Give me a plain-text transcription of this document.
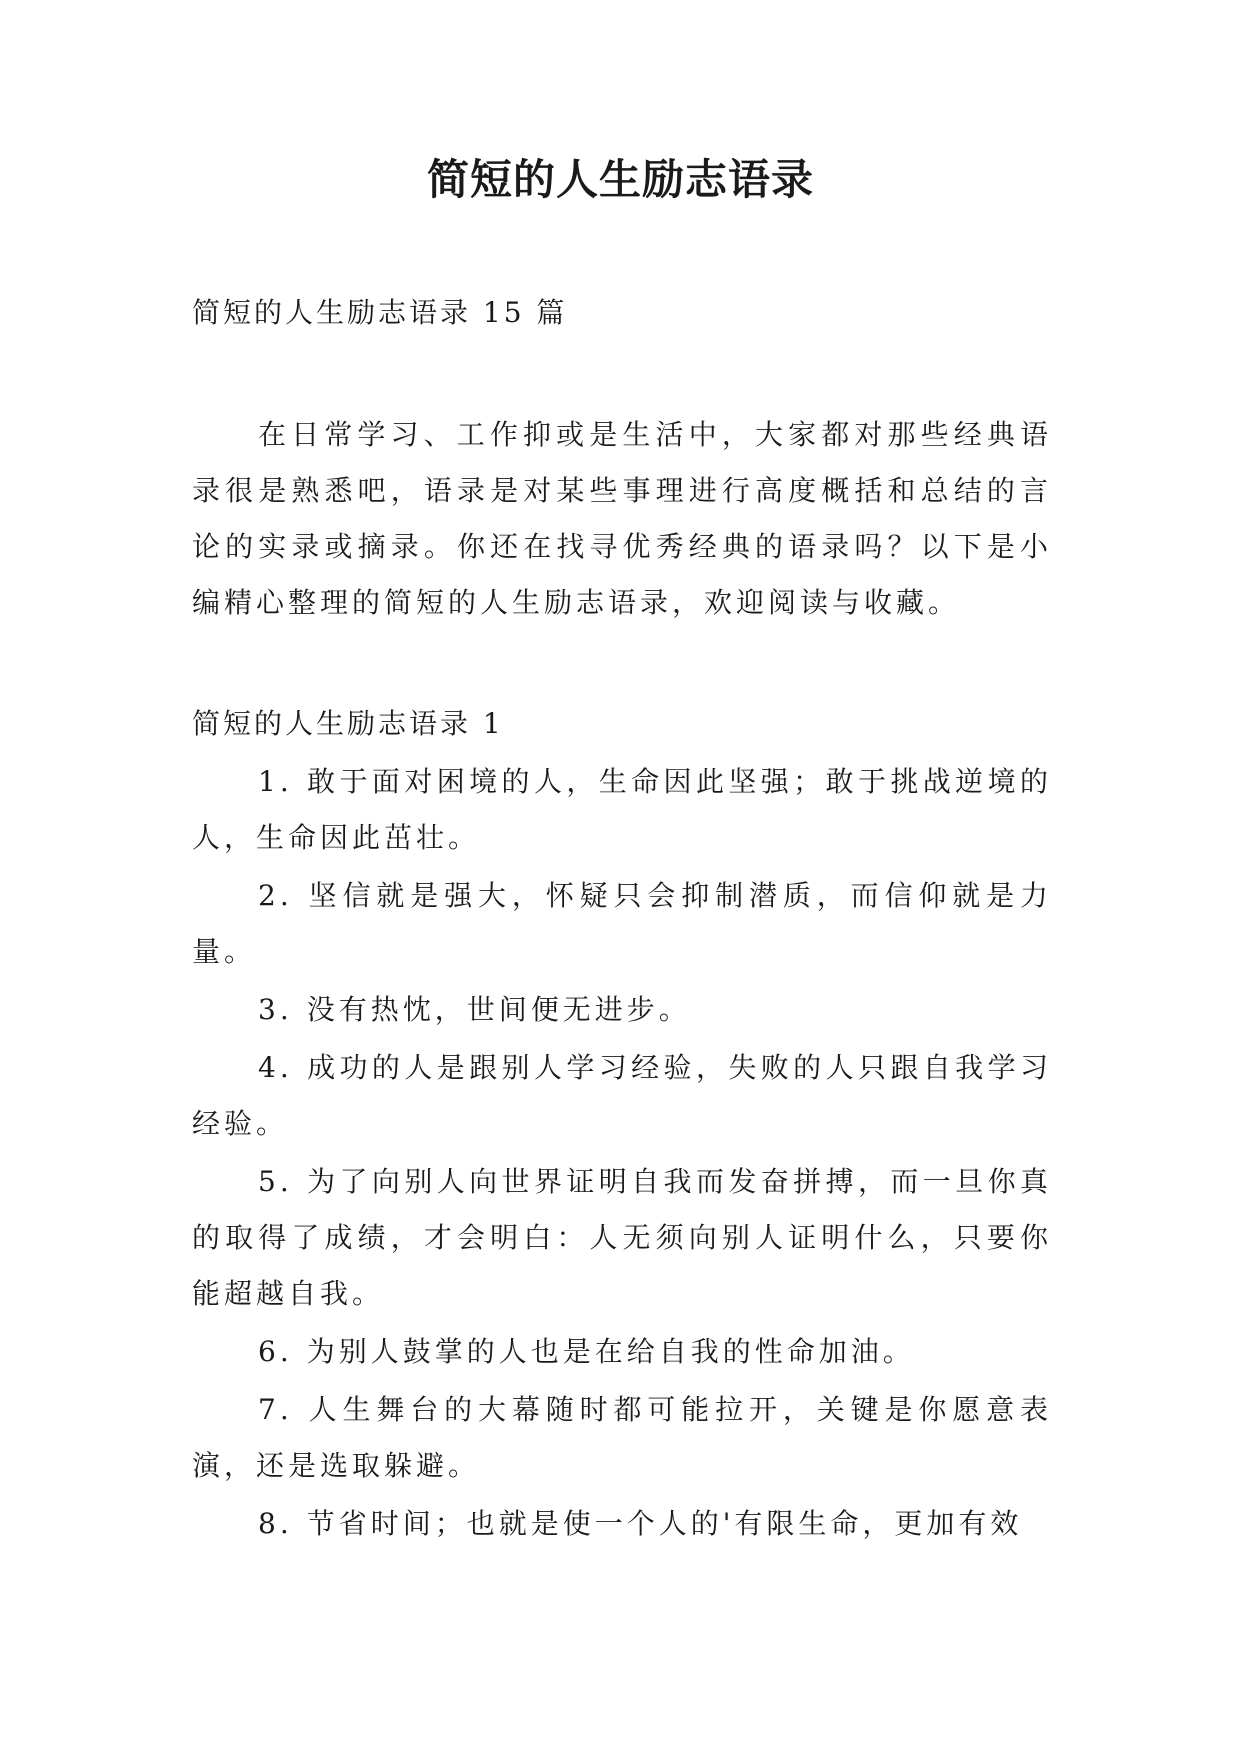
简短的人生励志语录
简短的人生励志语录 15 篇

在日常学习、工作抑或是生活中，大家都对那些经典语录很是熟悉吧，语录是对某些事理进行高度概括和总结的言论的实录或摘录。你还在找寻优秀经典的语录吗？以下是小编精心整理的简短的人生励志语录，欢迎阅读与收藏。

简短的人生励志语录 1

1. 敢于面对困境的人，生命因此坚强；敢于挑战逆境的人，生命因此茁壮。

2. 坚信就是强大，怀疑只会抑制潜质，而信仰就是力量。

3. 没有热忱，世间便无进步。

4. 成功的人是跟别人学习经验，失败的人只跟自我学习经验。

5. 为了向别人向世界证明自我而发奋拼搏，而一旦你真的取得了成绩，才会明白：人无须向别人证明什么，只要你能超越自我。

6. 为别人鼓掌的人也是在给自我的性命加油。

7. 人生舞台的大幕随时都可能拉开，关键是你愿意表演，还是选取躲避。

8. 节省时间；也就是使一个人的'有限生命，更加有效
